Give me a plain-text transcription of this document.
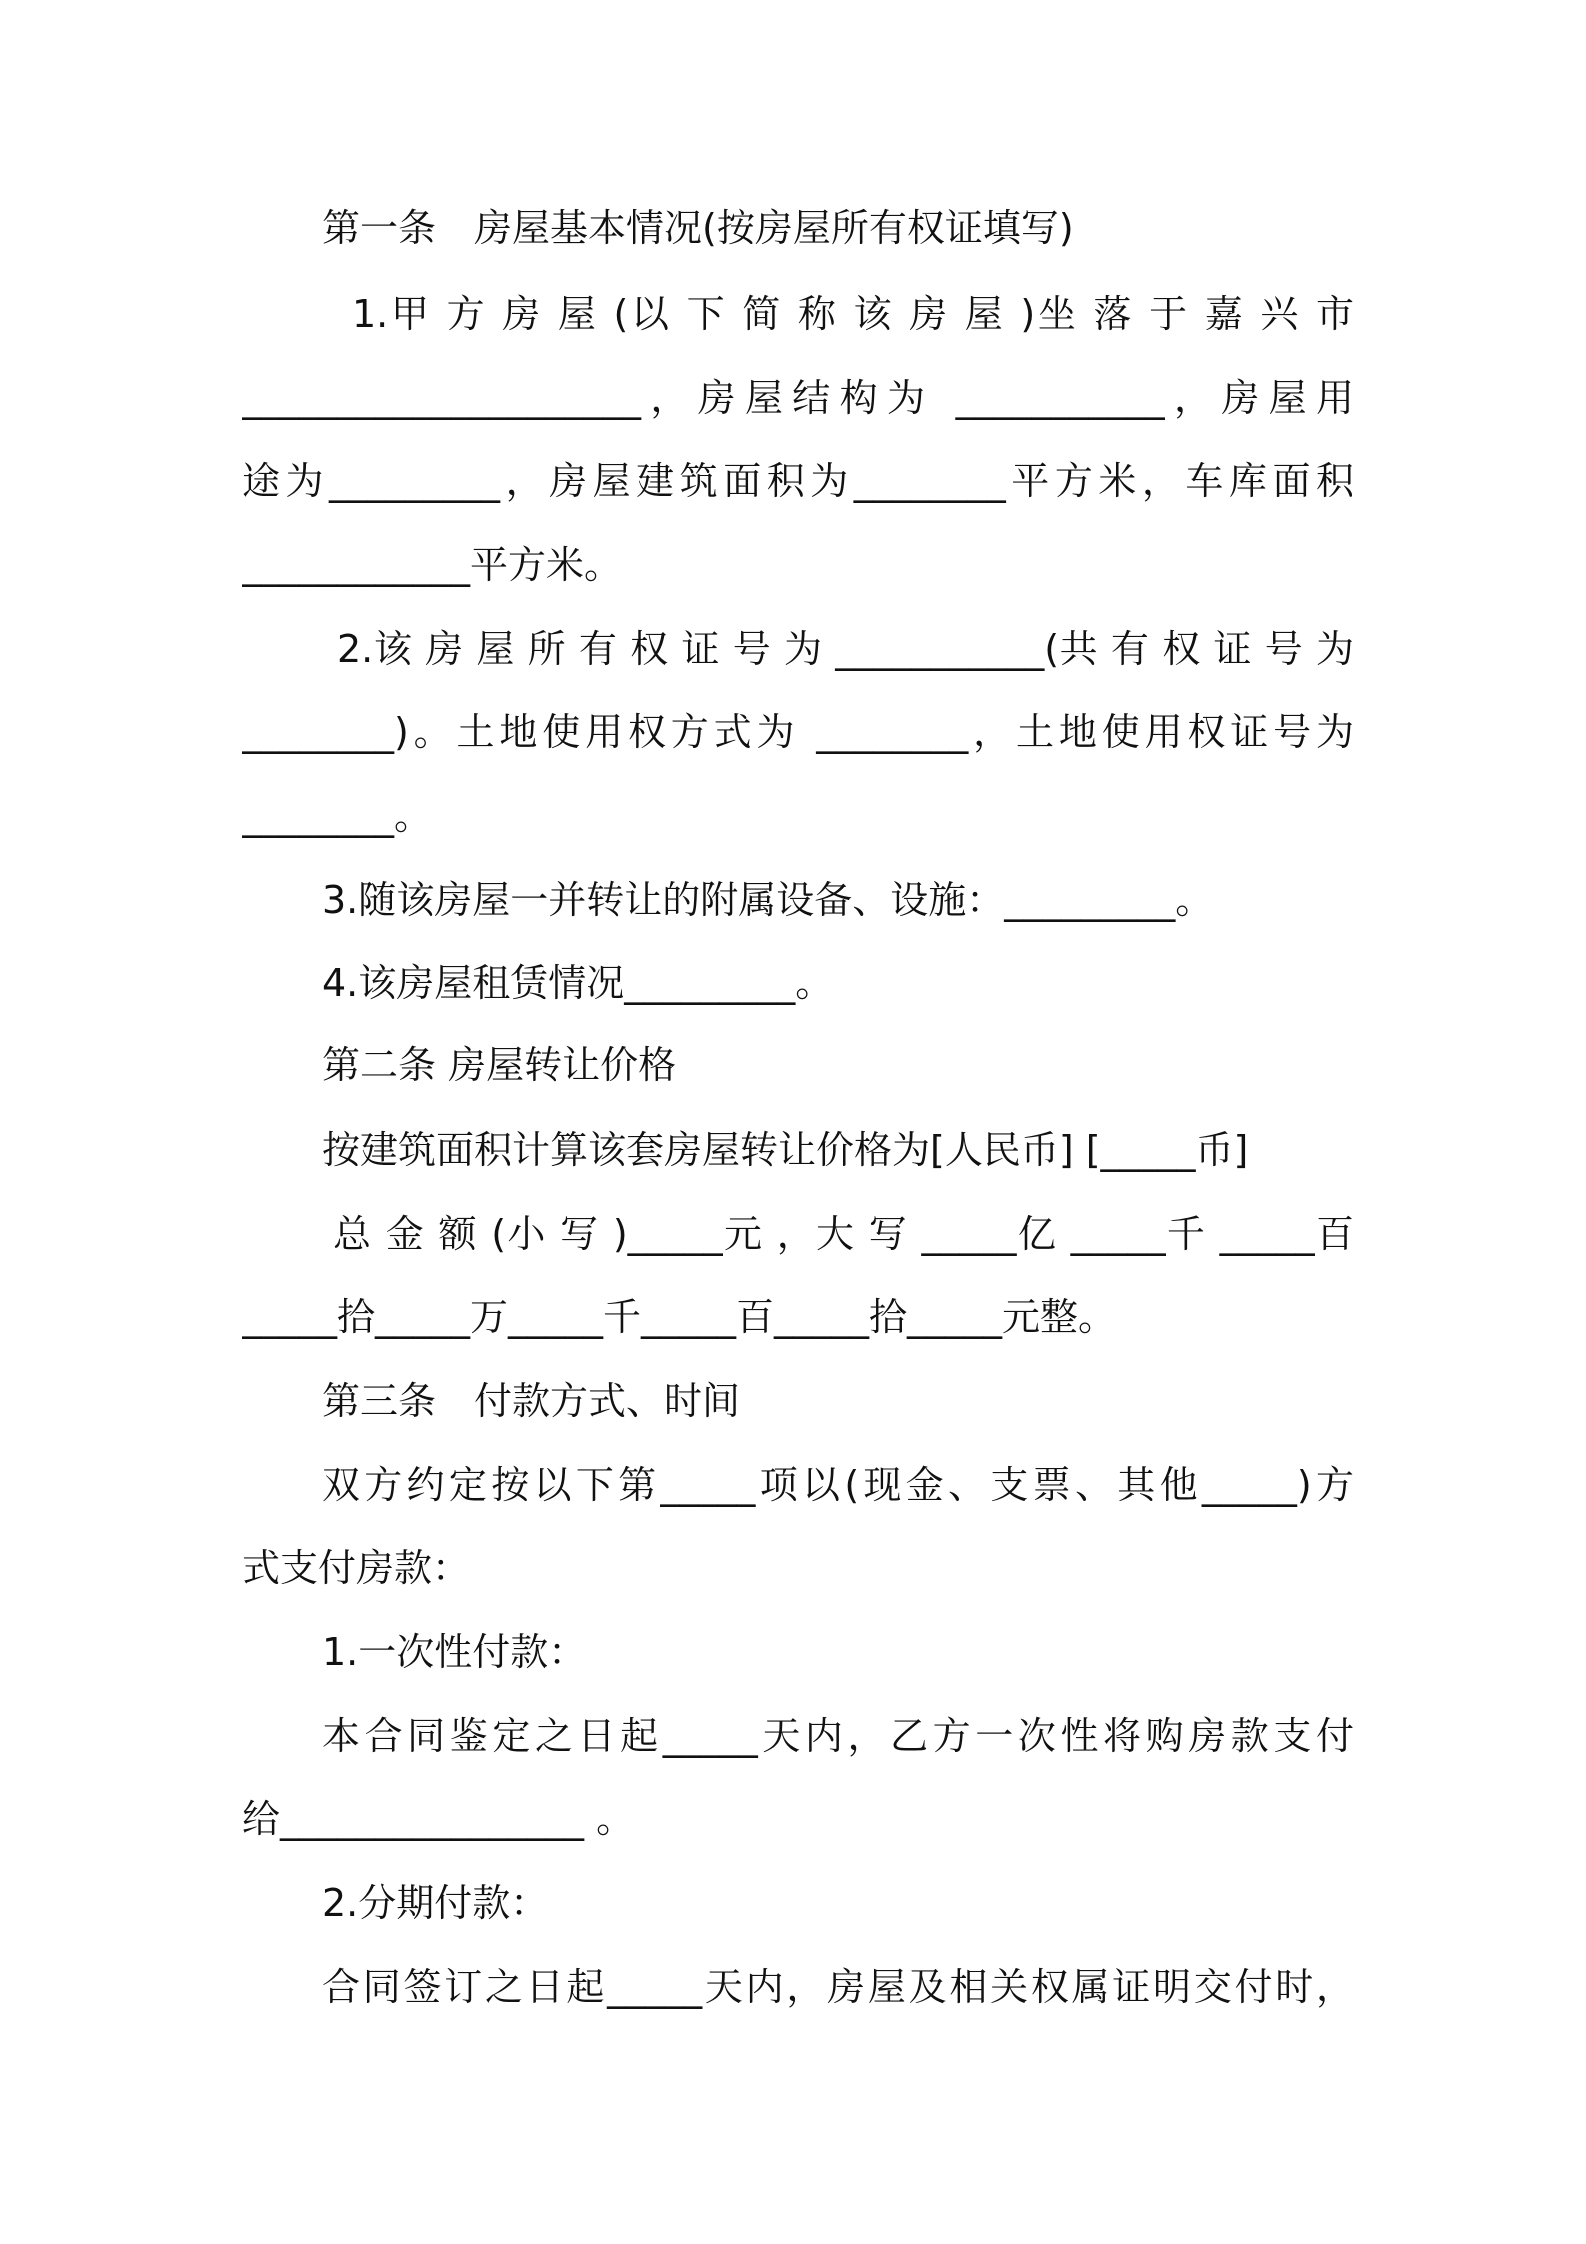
第一条　房屋基本情况(按房屋所有权证填写)
1.甲 方 房 屋 (以 下 简 称 该 房 屋 )坐 落 于 嘉 兴 市
_____________________，房屋结构为 ___________，房屋用
途为_________，房屋建筑面积为________平方米，车库面积
____________平方米。
2.该 房 屋 所 有 权 证 号 为 ___________(共 有 权 证 号 为
________)。土地使用权方式为 ________，土地使用权证号为
________。
3.随该房屋一并转让的附属设备、设施：_________。
4.该房屋租赁情况_________。
第二条 房屋转让价格
按建筑面积计算该套房屋转让价格为[人民币] [_____币]
总 金 额 (小 写 )_____元 ，大 写 _____亿 _____千 _____百
_____拾_____万_____千_____百_____拾_____元整。
第三条　付款方式、时间
双方约定按以下第_____项以(现金、支票、其他_____)方
式支付房款：
1.一次性付款：
本合同鉴定之日起_____天内，乙方一次性将购房款支付
给________________ 。
2.分期付款：
合同签订之日起_____天内，房屋及相关权属证明交付时，
